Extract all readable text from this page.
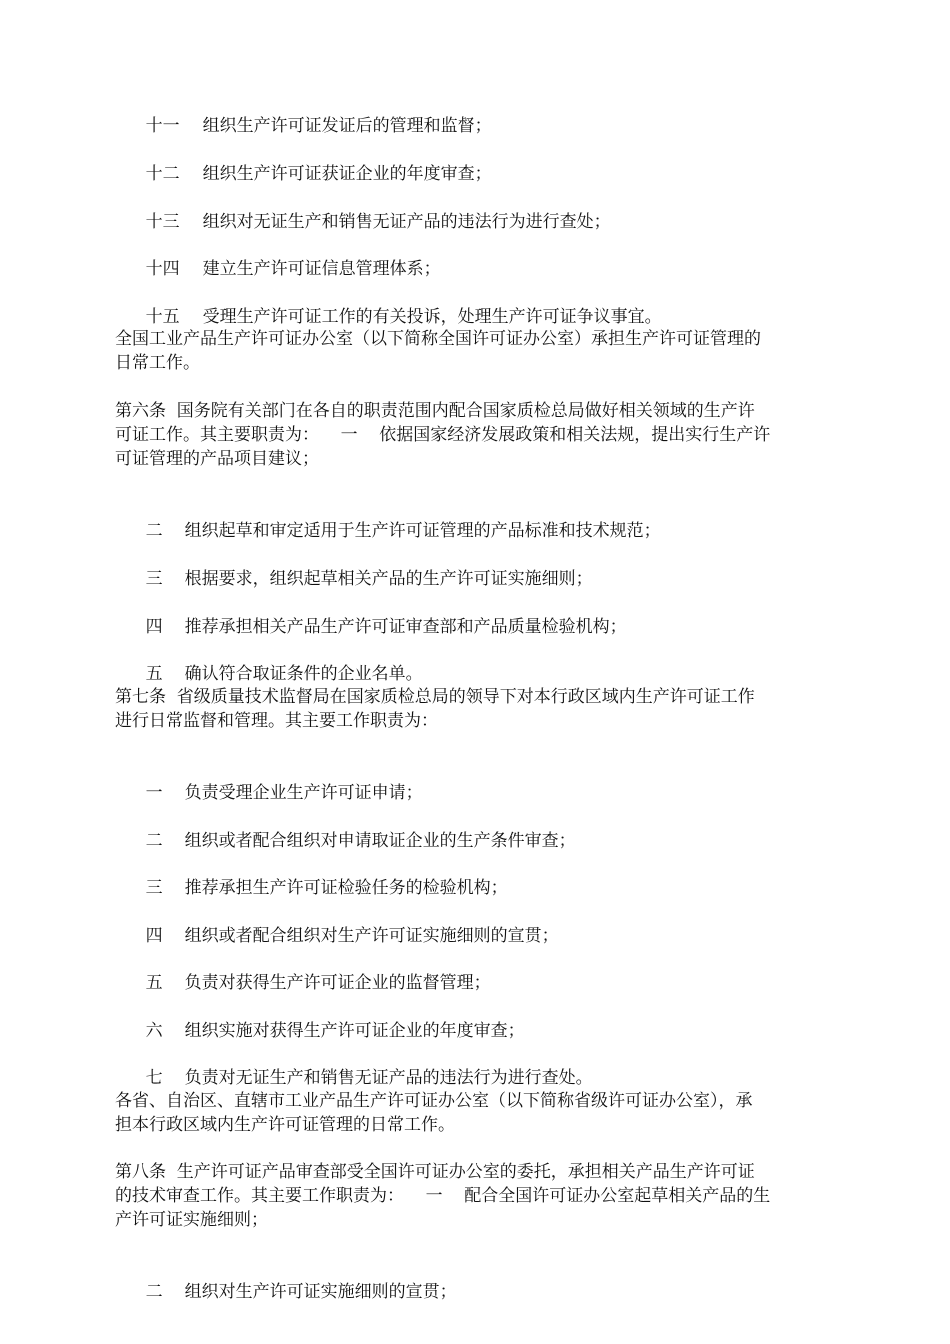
十一 组织生产许可证发证后的管理和监督；

十二 组织生产许可证获证企业的年度审查；

十三 组织对无证生产和销售无证产品的违法行为进行查处；

十四 建立生产许可证信息管理体系；

十五 受理生产许可证工作的有关投诉，处理生产许可证争议事宜。

全国工业产品生产许可证办公室（以下简称全国许可证办公室）承担生产许可证管理的
日常工作。
第六条  国务院有关部门在各自的职责范围内配合国家质检总局做好相关领域的生产许
可证工作。其主要职责为：    一    依据国家经济发展政策和相关法规，提出实行生产许
可证管理的产品项目建议；

二 组织起草和审定适用于生产许可证管理的产品标准和技术规范；

三 根据要求，组织起草相关产品的生产许可证实施细则；

四 推荐承担相关产品生产许可证审查部和产品质量检验机构；

五 确认符合取证条件的企业名单。

第七条  省级质量技术监督局在国家质检总局的领导下对本行政区域内生产许可证工作
进行日常监督和管理。其主要工作职责为：

一 负责受理企业生产许可证申请；

二 组织或者配合组织对申请取证企业的生产条件审查；

三 推荐承担生产许可证检验任务的检验机构；

四 组织或者配合组织对生产许可证实施细则的宣贯；

五 负责对获得生产许可证企业的监督管理；

六 组织实施对获得生产许可证企业的年度审查；

七 负责对无证生产和销售无证产品的违法行为进行查处。

各省、自治区、直辖市工业产品生产许可证办公室（以下简称省级许可证办公室），承
担本行政区域内生产许可证管理的日常工作。
第八条  生产许可证产品审查部受全国许可证办公室的委托，承担相关产品生产许可证
的技术审查工作。其主要工作职责为：    一    配合全国许可证办公室起草相关产品的生
产许可证实施细则；

二 组织对生产许可证实施细则的宣贯；
